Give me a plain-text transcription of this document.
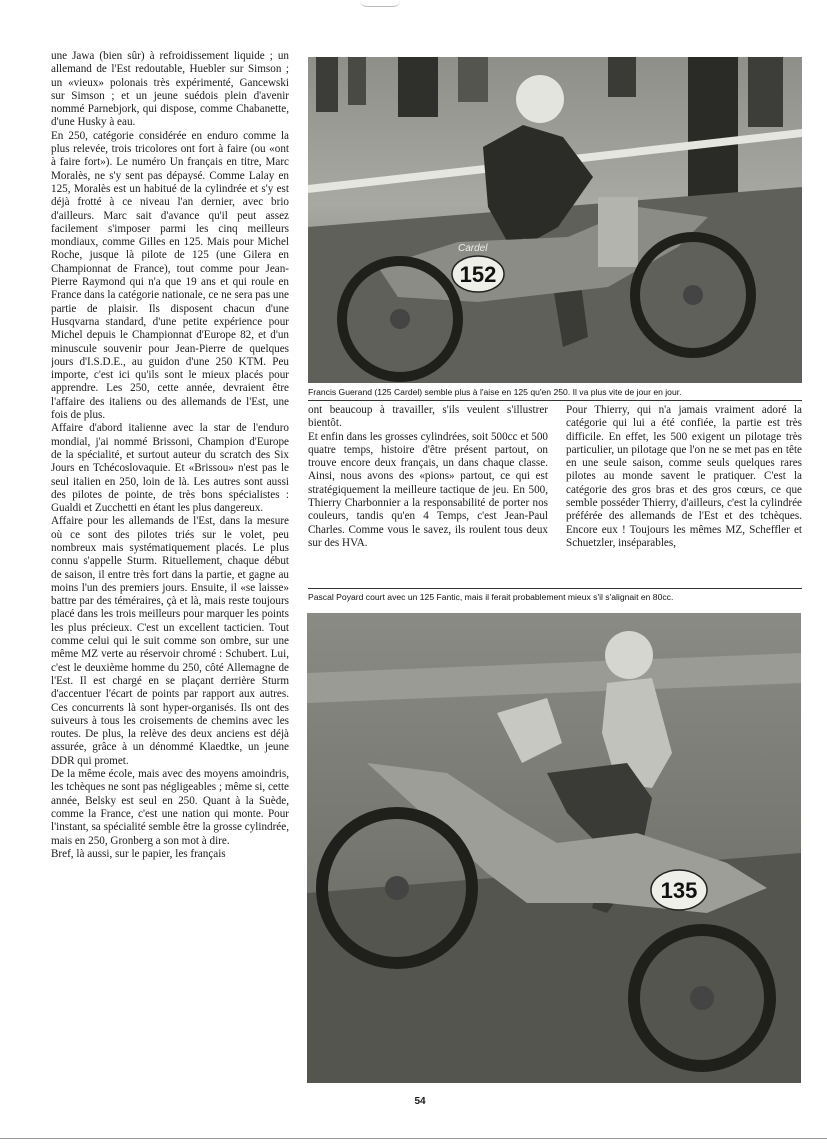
une Jawa (bien sûr) à refroidissement liquide ; un allemand de l'Est redoutable, Huebler sur Simson ; un «vieux» polonais très expérimenté, Gancewski sur Simson ; et un jeune suédois plein d'avenir nommé Parnebjork, qui dispose, comme Chabanette, d'une Husky à eau.

En 250, catégorie considérée en enduro comme la plus relevée, trois tricolores ont fort à faire (ou «ont à faire fort»). Le numéro Un français en titre, Marc Moralès, ne s'y sent pas dépaysé. Comme Lalay en 125, Moralès est un habitué de la cylindrée et s'y est déjà frotté à ce niveau l'an dernier, avec brio d'ailleurs. Marc sait d'avance qu'il peut assez facilement s'imposer parmi les cinq meilleurs mondiaux, comme Gilles en 125. Mais pour Michel Roche, jusque là pilote de 125 (une Gilera en Championnat de France), tout comme pour Jean-Pierre Raymond qui n'a que 19 ans et qui roule en France dans la catégorie nationale, ce ne sera pas une partie de plaisir. Ils disposent chacun d'une Husqvarna standard, d'une petite expérience pour Michel depuis le Championnat d'Europe 82, et d'un minuscule souvenir pour Jean-Pierre de quelques jours d'I.S.D.E., au guidon d'une 250 KTM. Peu importe, c'est ici qu'ils sont le mieux placés pour apprendre. Les 250, cette année, devraient être l'affaire des italiens ou des allemands de l'Est, une fois de plus.

Affaire d'abord italienne avec la star de l'enduro mondial, j'ai nommé Brissoni, Champion d'Europe de la spécialité, et surtout auteur du scratch des Six Jours en Tchécoslovaquie. Et «Brissou» n'est pas le seul italien en 250, loin de là. Les autres sont aussi des pilotes de pointe, de très bons spécialistes : Gualdi et Zucchetti en étant les plus dangereux.

Affaire pour les allemands de l'Est, dans la mesure où ce sont des pilotes triés sur le volet, peu nombreux mais systématiquement placés. Le plus connu s'appelle Sturm. Rituellement, chaque début de saison, il entre très fort dans la partie, et gagne au moins l'un des premiers jours. Ensuite, il «se laisse» battre par des téméraires, çà et là, mais reste toujours placé dans les trois meilleurs pour marquer les points les plus précieux. C'est un excellent tacticien. Tout comme celui qui le suit comme son ombre, sur une même MZ verte au réservoir chromé : Schubert. Lui, c'est le deuxième homme du 250, côté Allemagne de l'Est. Il est chargé en se plaçant derrière Sturm d'accentuer l'écart de points par rapport aux autres. Ces concurrents là sont hyper-organisés. Ils ont des suiveurs à tous les croisements de chemins avec les routes. De plus, la relève des deux anciens est déjà assurée, grâce à un dénommé Klaedtke, un jeune DDR qui promet.

De la même école, mais avec des moyens amoindris, les tchèques ne sont pas négligeables ; même si, cette année, Belsky est seul en 250. Quant à la Suède, comme la France, c'est une nation qui monte. Pour l'instant, sa spécialité semble être la grosse cylindrée, mais en 250, Gronberg a son mot à dire.

Bref, là aussi, sur le papier, les français

152
Cardel
Francis Guerand (125 Cardel) semble plus à l'aise en 125 qu'en 250. Il va plus vite de jour en jour.

ont beaucoup à travailler, s'ils veulent s'illustrer bientôt.

Et enfin dans les grosses cylindrées, soit 500cc et 500 quatre temps, histoire d'être présent partout, on trouve encore deux français, un dans chaque classe. Ainsi, nous avons des «pions» partout, ce qui est stratégiquement la meilleure tactique de jeu. En 500, Thierry Charbonnier a la responsabilité de porter nos couleurs, tandis qu'en 4 Temps, c'est Jean-Paul Charles. Comme vous le savez, ils roulent tous deux sur des HVA.

Pour Thierry, qui n'a jamais vraiment adoré la catégorie qui lui a été confiée, la partie est très difficile. En effet, les 500 exigent un pilotage très particulier, un pilotage que l'on ne se met pas en tête en une seule saison, comme seuls quelques rares pilotes au monde savent le pratiquer. C'est la catégorie des gros bras et des gros cœurs, ce que semble posséder Thierry, d'ailleurs, c'est la cylindrée préférée des allemands de l'Est et des tchèques. Encore eux ! Toujours les mêmes MZ, Scheffler et Schuetzler, inséparables,

Pascal Poyard court avec un 125 Fantic, mais il ferait probablement mieux s'il s'alignait en 80cc.
135
54
